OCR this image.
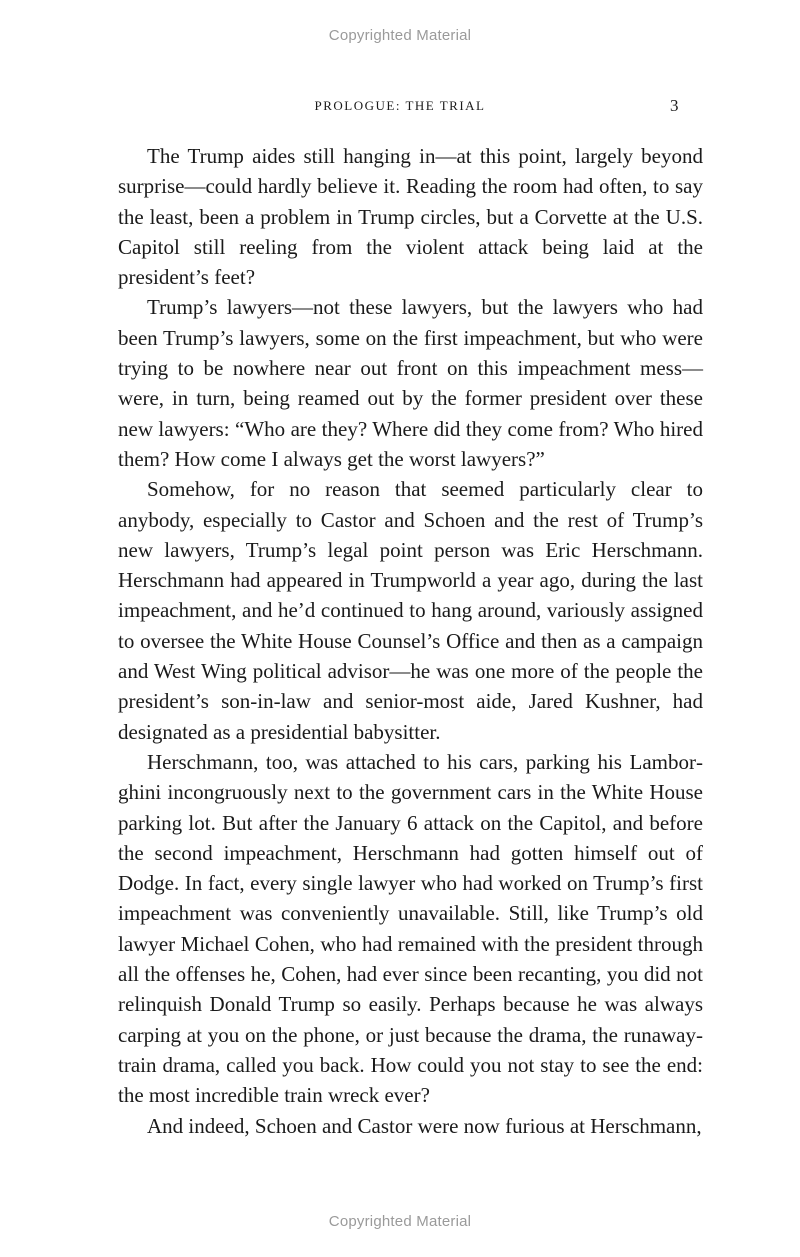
Copyrighted Material
PROLOGUE: THE TRIAL	3

The Trump aides still hanging in—at this point, largely beyond surprise—could hardly believe it. Reading the room had often, to say the least, been a problem in Trump circles, but a Corvette at the U.S. Capitol still reeling from the violent attack being laid at the president’s feet?

Trump’s lawyers—not these lawyers, but the lawyers who had been Trump’s lawyers, some on the first impeachment, but who were trying to be nowhere near out front on this impeachment mess—were, in turn, being reamed out by the former president over these new lawyers: “Who are they? Where did they come from? Who hired them? How come I always get the worst lawyers?”

Somehow, for no reason that seemed particularly clear to anybody, especially to Castor and Schoen and the rest of Trump’s new lawyers, Trump’s legal point person was Eric Herschmann. Herschmann had appeared in Trumpworld a year ago, during the last impeachment, and he’d continued to hang around, variously assigned to oversee the White House Counsel’s Office and then as a campaign and West Wing political advisor—he was one more of the people the president’s son-in-law and senior-most aide, Jared Kushner, had designated as a presidential babysitter.

Herschmann, too, was attached to his cars, parking his Lamborghini incongruously next to the government cars in the White House parking lot. But after the January 6 attack on the Capitol, and before the second impeachment, Herschmann had gotten himself out of Dodge. In fact, every single lawyer who had worked on Trump’s first impeachment was conveniently unavailable. Still, like Trump’s old lawyer Michael Cohen, who had remained with the president through all the offenses he, Cohen, had ever since been recanting, you did not relinquish Donald Trump so easily. Perhaps because he was always carping at you on the phone, or just because the drama, the runaway-train drama, called you back. How could you not stay to see the end: the most incredible train wreck ever?

And indeed, Schoen and Castor were now furious at Herschmann,

Copyrighted Material
